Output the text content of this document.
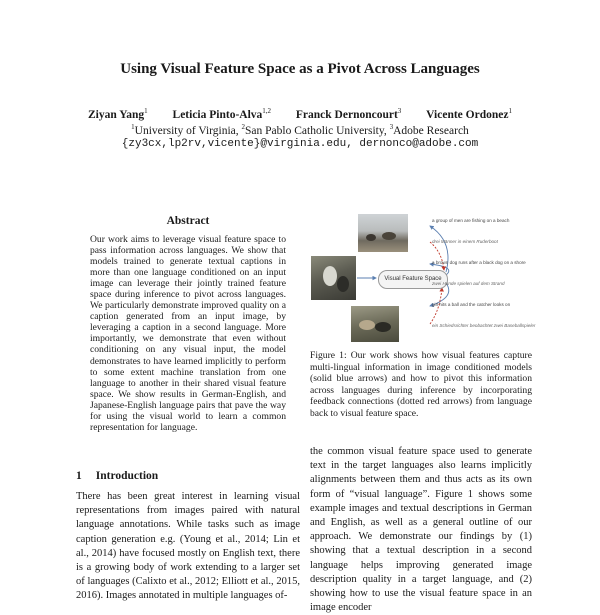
Using Visual Feature Space as a Pivot Across Languages
Ziyan Yang$^1$ Leticia Pinto-Alva$^{1,2}$ Franck Dernoncourt$^3$ Vicente Ordonez$^1$
$^1$University of Virginia, $^2$San Pablo Catholic University, $^3$Adobe Research
{zy3cx,lp2rv,vicente}@virginia.edu, dernonco@adobe.com
Abstract

Our work aims to leverage visual feature space to pass information across languages. We show that models trained to generate textual captions in more than one language conditioned on an input image can leverage their jointly trained feature space during inference to pivot across languages. We particularly demonstrate improved quality on a caption generated from an input image, by leveraging a caption in a second language. More importantly, we demonstrate that even without conditioning on any visual input, the model demonstrates to have learned implicitly to perform to some extent machine translation from one language to another in their shared visual feature space. We show results in German-English, and Japanese-English language pairs that pave the way for using the visual world to learn a common representation for language.

1 Introduction

There has been great interest in learning visual representations from images paired with natural language annotations. While tasks such as image caption generation e.g. (Young et al., 2014; Lin et al., 2014) have focused mostly on English text, there is a growing body of work extending to a larger set of languages (Calixto et al., 2012; Elliott et al., 2015, 2016). Images annotated in multiple languages of-

Visual Feature Space
a group of men are fishing on a beach
drei Männer in einem Ruderboot
a brown dog runs after a black dog on a shore
zwei Hunde spielen auf dem Strand
girl hits a ball and the catcher looks on
ein Schiedsrichter beobachtet zwei Baseballspieler

Figure 1: Our work shows how visual features capture multi-lingual information in image conditioned models (solid blue arrows) and how to pivot this information across languages during inference by incorporating feedback connections (dotted red arrows) from language back to visual feature space.

the common visual feature space used to generate text in the target languages also learns implicitly alignments between them and thus acts as its own form of “visual language”. Figure 1 shows some example images and textual descriptions in German and English, as well as a general outline of our approach. We demonstrate our findings by (1) showing that a textual description in a second language helps improving generated image description quality in a target language, and (2) showing how to use the visual feature space in an image encoder
